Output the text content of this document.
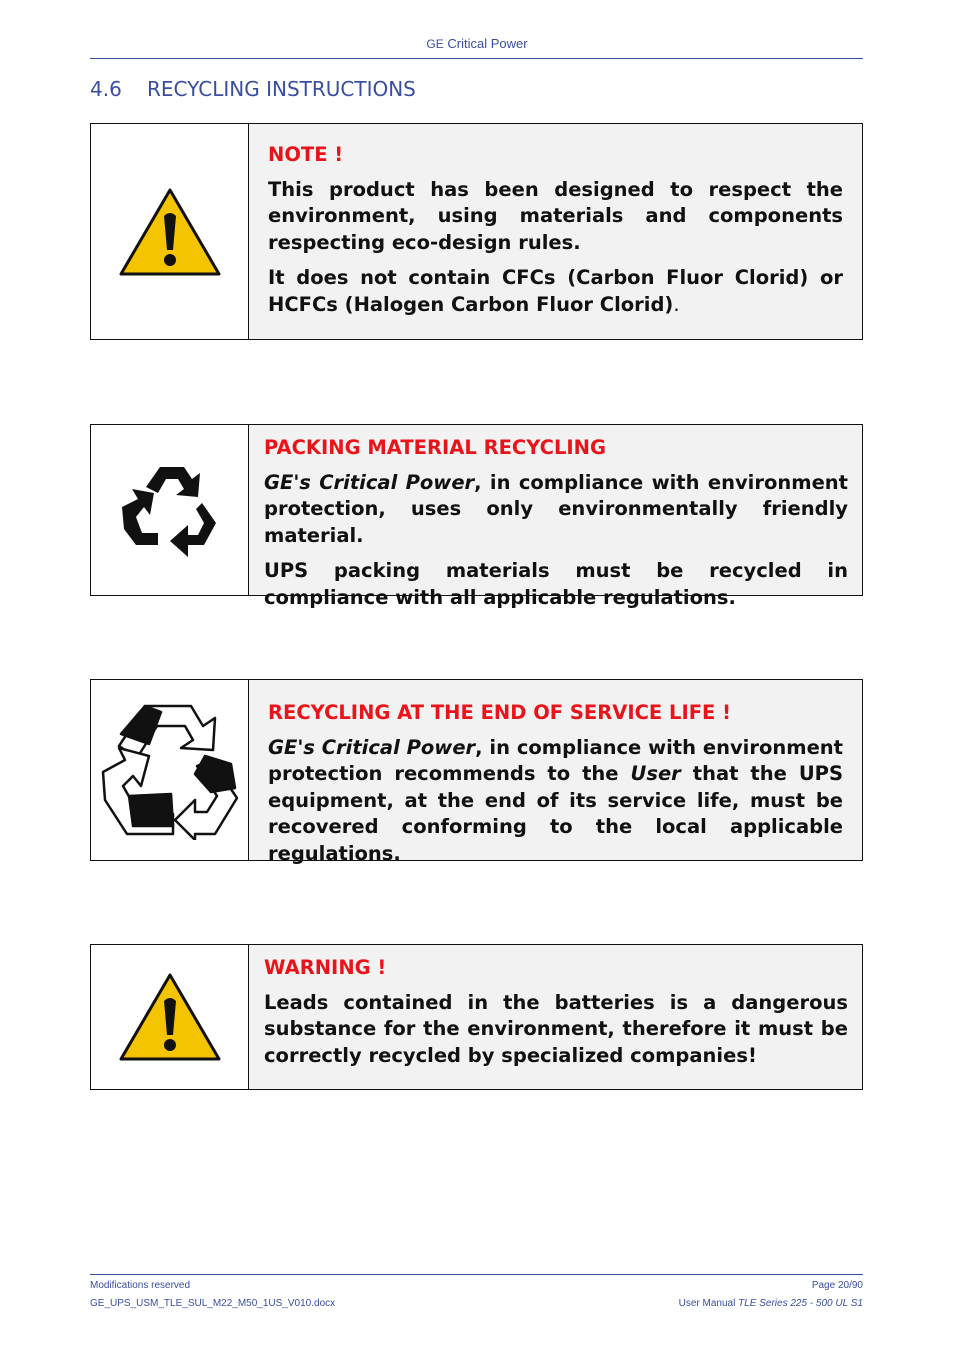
GE Critical Power
4.6 RECYCLING INSTRUCTIONS
NOTE !

This product has been designed to respect the environment, using materials and components respecting eco-design rules.

It does not contain CFCs (Carbon Fluor Clorid) or HCFCs (Halogen Carbon Fluor Clorid).

PACKING MATERIAL RECYCLING

GE's Critical Power, in compliance with environment protection, uses only environmentally friendly material.

UPS packing materials must be recycled in compliance with all applicable regulations.

RECYCLING AT THE END OF SERVICE LIFE !

GE's Critical Power, in compliance with environment protection recommends to the User that the UPS equipment, at the end of its service life, must be recovered conforming to the local applicable regulations.

WARNING !

Leads contained in the batteries is a dangerous substance for the environment, therefore it must be correctly recycled by specialized companies!

Modifications reserved
GE_UPS_USM_TLE_SUL_M22_M50_1US_V010.docx
Page 20/90
User Manual TLE Series 225 - 500 UL S1
